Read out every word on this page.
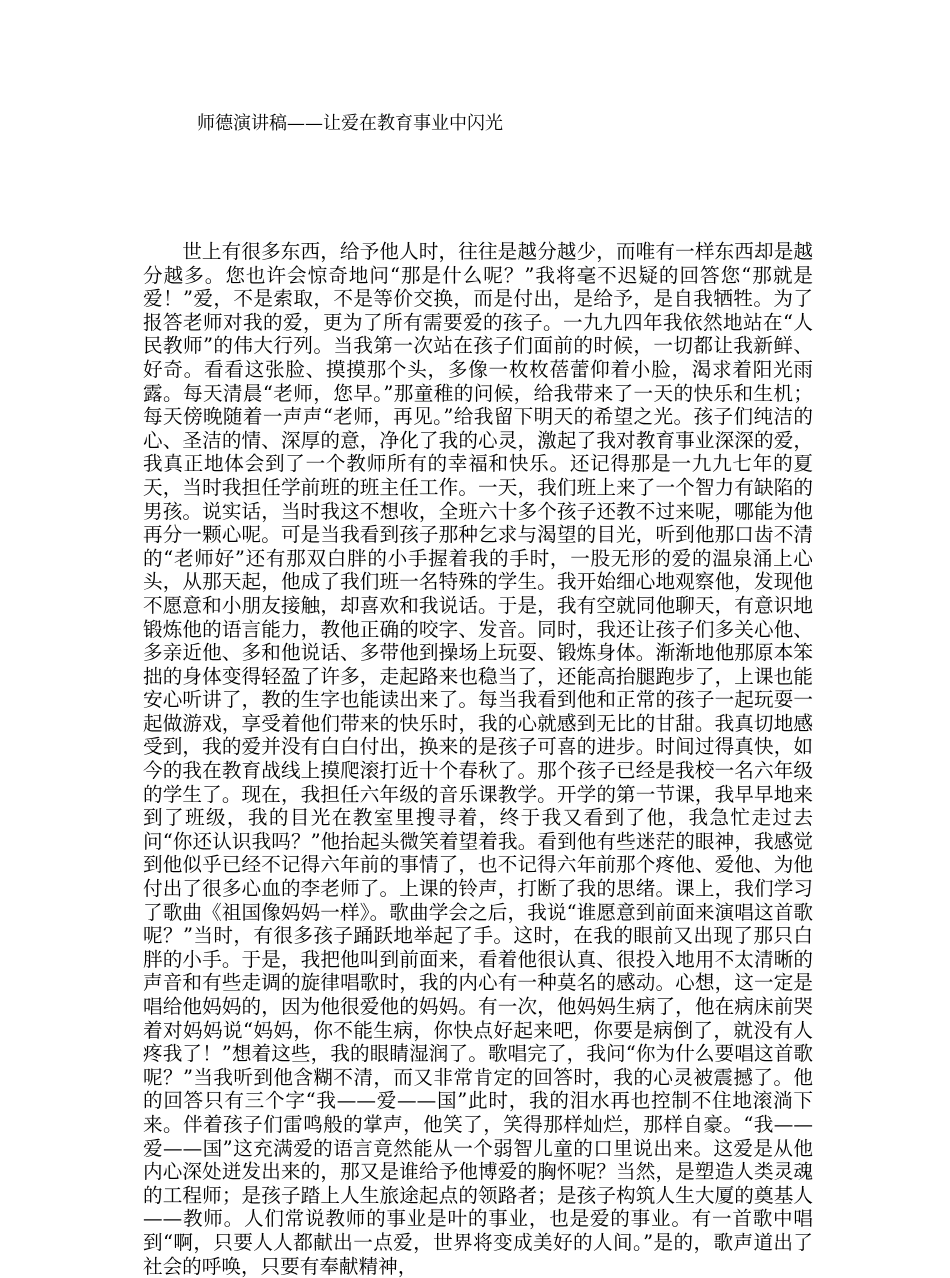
师德演讲稿——让爱在教育事业中闪光

世上有很多东西，给予他人时，往往是越分越少，而唯有一样东西却是越分越多。您也许会惊奇地问“那是什么呢？”我将毫不迟疑的回答您“那就是爱！”爱，不是索取，不是等价交换，而是付出，是给予，是自我牺牲。为了报答老师对我的爱，更为了所有需要爱的孩子。一九九四年我依然地站在“人民教师”的伟大行列。当我第一次站在孩子们面前的时候，一切都让我新鲜、好奇。看看这张脸、摸摸那个头，多像一枚枚蓓蕾仰着小脸，渴求着阳光雨露。每天清晨“老师，您早。”那童稚的问候，给我带来了一天的快乐和生机；每天傍晚随着一声声“老师，再见。”给我留下明天的希望之光。孩子们纯洁的心、圣洁的情、深厚的意，净化了我的心灵，激起了我对教育事业深深的爱，我真正地体会到了一个教师所有的幸福和快乐。还记得那是一九九七年的夏天，当时我担任学前班的班主任工作。一天，我们班上来了一个智力有缺陷的男孩。说实话，当时我这不想收，全班六十多个孩子还教不过来呢，哪能为他再分一颗心呢。可是当我看到孩子那种乞求与渴望的目光，听到他那口齿不清的“老师好”还有那双白胖的小手握着我的手时，一股无形的爱的温泉涌上心头，从那天起，他成了我们班一名特殊的学生。我开始细心地观察他，发现他不愿意和小朋友接触，却喜欢和我说话。于是，我有空就同他聊天，有意识地锻炼他的语言能力，教他正确的咬字、发音。同时，我还让孩子们多关心他、多亲近他、多和他说话、多带他到操场上玩耍、锻炼身体。渐渐地他那原本笨拙的身体变得轻盈了许多，走起路来也稳当了，还能高抬腿跑步了，上课也能安心听讲了，教的生字也能读出来了。每当我看到他和正常的孩子一起玩耍一起做游戏，享受着他们带来的快乐时，我的心就感到无比的甘甜。我真切地感受到，我的爱并没有白白付出，换来的是孩子可喜的进步。时间过得真快，如今的我在教育战线上摸爬滚打近十个春秋了。那个孩子已经是我校一名六年级的学生了。现在，我担任六年级的音乐课教学。开学的第一节课，我早早地来到了班级，我的目光在教室里搜寻着，终于我又看到了他，我急忙走过去问“你还认识我吗？”他抬起头微笑着望着我。看到他有些迷茫的眼神，我感觉到他似乎已经不记得六年前的事情了，也不记得六年前那个疼他、爱他、为他付出了很多心血的李老师了。上课的铃声，打断了我的思绪。课上，我们学习了歌曲《祖国像妈妈一样》。歌曲学会之后，我说“谁愿意到前面来演唱这首歌呢？”当时，有很多孩子踊跃地举起了手。这时，在我的眼前又出现了那只白胖的小手。于是，我把他叫到前面来，看着他很认真、很投入地用不太清晰的声音和有些走调的旋律唱歌时，我的内心有一种莫名的感动。心想，这一定是唱给他妈妈的，因为他很爱他的妈妈。有一次，他妈妈生病了，他在病床前哭着对妈妈说“妈妈，你不能生病，你快点好起来吧，你要是病倒了，就没有人疼我了！”想着这些，我的眼睛湿润了。歌唱完了，我问“你为什么要唱这首歌呢？”当我听到他含糊不清，而又非常肯定的回答时，我的心灵被震撼了。他的回答只有三个字“我——爱——国”此时，我的泪水再也控制不住地滚淌下来。伴着孩子们雷鸣般的掌声，他笑了，笑得那样灿烂，那样自豪。“我——爱——国”这充满爱的语言竟然能从一个弱智儿童的口里说出来。这爱是从他内心深处迸发出来的，那又是谁给予他博爱的胸怀呢？当然，是塑造人类灵魂的工程师；是孩子踏上人生旅途起点的领路者；是孩子构筑人生大厦的奠基人——教师。人们常说教师的事业是叶的事业，也是爱的事业。有一首歌中唱到“啊，只要人人都献出一点爱，世界将变成美好的人间。”是的，歌声道出了社会的呼唤，只要有奉献精神，
